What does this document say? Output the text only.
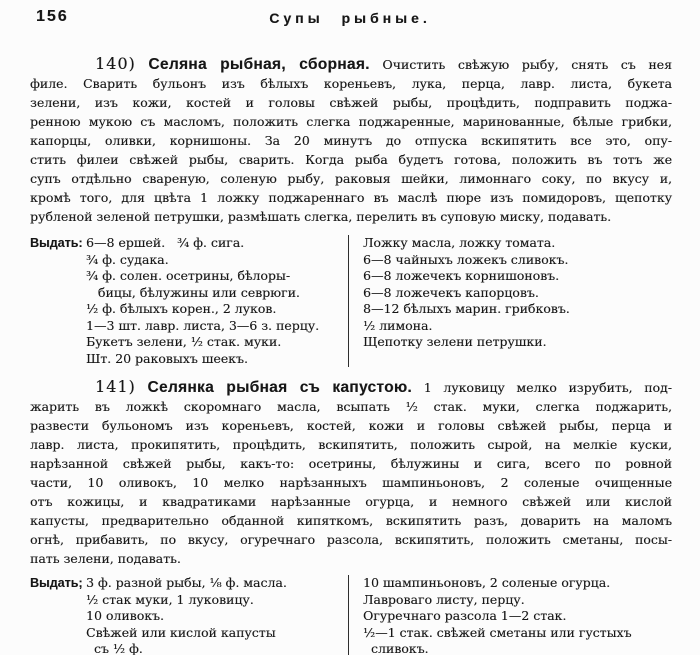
156	Супы рыбные.
140) Селяна рыбная, сборная. Очистить свѣжую рыбу, снять съ нея
филе. Сварить бульонъ изъ бѣлыхъ кореньевъ, лука, перца, лавр. листа, букета
зелени, изъ кожи, костей и головы свѣжей рыбы, процѣдить, подправить поджа-
ренною мукою съ масломъ, положить слегка поджаренные, маринованные, бѣлые грибки,
капорцы, оливки, корнишоны. За 20 минутъ до отпуска вскипятить все это, опу-
стить филеи свѣжей рыбы, сварить. Когда рыба будетъ готова, положить въ тотъ же
супъ отдѣльно свареную, соленую рыбу, раковыя шейки, лимоннаго соку, по вкусу и,
кромѣ того, для цвѣта 1 ложку поджареннаго въ маслѣ пюре изъ помидоровъ, щепотку
рубленой зеленой петрушки, размѣшать слегка, перелить въ суповую миску, подавать.
Выдать: 6—8 ершей.   ¾ ф. сига.
¾ ф. судака.
¾ ф. солен. осетрины, бѣлоры-
бицы, бѣлужины или севрюги.
½ ф. бѣлыхъ корен., 2 луков.
1—3 шт. лавр. листа, 3—6 з. перцу.
Букетъ зелени, ½ стак. муки.
Шт. 20 раковыхъ шеекъ.
Ложку масла, ложку томата.
6—8 чайныхъ ложекъ сливокъ.
6—8 ложечекъ корнишоновъ.
6—8 ложечекъ капорцовъ.
8—12 бѣлыхъ марин. грибковъ.
½ лимона.
Щепотку зелени петрушки.
141) Селянка рыбная съ капустою. 1 луковицу мелко изрубить, под-
жарить въ ложкѣ скоромнаго масла, всыпать ½ стак. муки, слегка поджарить,
развести бульономъ изъ кореньевъ, костей, кожи и головы свѣжей рыбы, перца и
лавр. листа, прокипятить, процѣдить, вскипятить, положить сырой, на мелкіе куски,
нарѣзанной свѣжей рыбы, какъ-то: осетрины, бѣлужины и сига, всего по ровной
части, 10 оливокъ, 10 мелко нарѣзанныхъ шампиньоновъ, 2 соленые очищенные
отъ кожицы, и квадратиками нарѣзанные огурца, и немного свѣжей или кислой
капусты, предварительно обданной кипяткомъ, вскипятить разъ, доварить на маломъ
огнѣ, прибавить, по вкусу, огуречнаго разсола, вскипятить, положить сметаны, посы-
пать зелени, подавать.
Выдать; 3 ф. разной рыбы, ⅛ ф. масла.
½ стак муки, 1 луковицу.
10 оливокъ.
Свѣжей или кислой капусты
съ ½ ф.
10 шампиньоновъ, 2 соленые огурца.
Лавроваго листу, перцу.
Огуречнаго разсола 1—2 стак.
½—1 стак. свѣжей сметаны или густыхъ
сливокъ.
